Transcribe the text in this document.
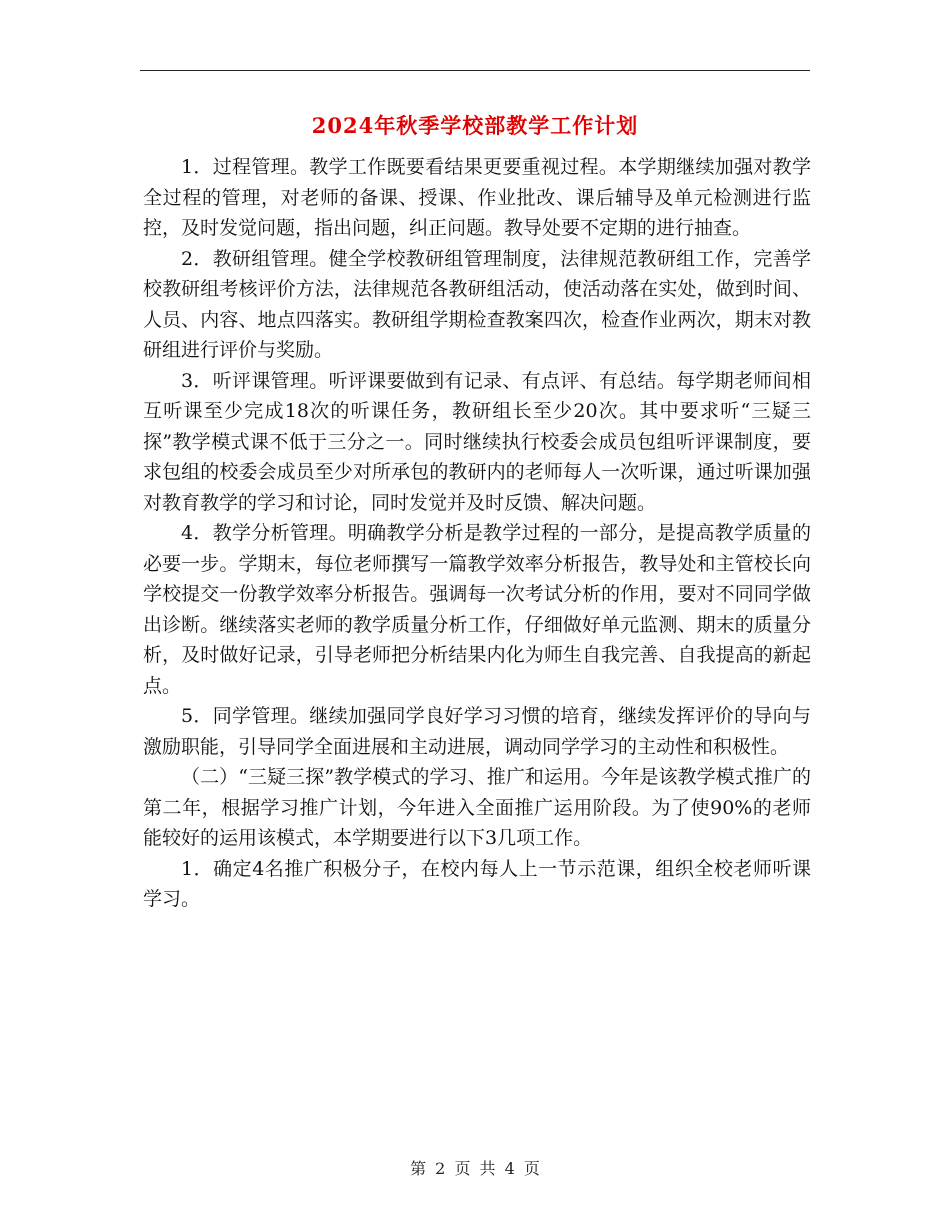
2024年秋季学校部教学工作计划

1．过程管理。教学工作既要看结果更要重视过程。本学期继续加强对教学全过程的管理，对老师的备课、授课、作业批改、课后辅导及单元检测进行监控，及时发觉问题，指出问题，纠正问题。教导处要不定期的进行抽查。

2．教研组管理。健全学校教研组管理制度，法律规范教研组工作，完善学校教研组考核评价方法，法律规范各教研组活动，使活动落在实处，做到时间、人员、内容、地点四落实。教研组学期检查教案四次，检查作业两次，期末对教研组进行评价与奖励。

3．听评课管理。听评课要做到有记录、有点评、有总结。每学期老师间相互听课至少完成18次的听课任务，教研组长至少20次。其中要求听“三疑三探”教学模式课不低于三分之一。同时继续执行校委会成员包组听评课制度，要求包组的校委会成员至少对所承包的教研内的老师每人一次听课，通过听课加强对教育教学的学习和讨论，同时发觉并及时反馈、解决问题。

4．教学分析管理。明确教学分析是教学过程的一部分，是提高教学质量的必要一步。学期末，每位老师撰写一篇教学效率分析报告，教导处和主管校长向学校提交一份教学效率分析报告。强调每一次考试分析的作用，要对不同同学做出诊断。继续落实老师的教学质量分析工作，仔细做好单元监测、期末的质量分析，及时做好记录，引导老师把分析结果内化为师生自我完善、自我提高的新起点。

5．同学管理。继续加强同学良好学习习惯的培育，继续发挥评价的导向与激励职能，引导同学全面进展和主动进展，调动同学学习的主动性和积极性。

（二）“三疑三探”教学模式的学习、推广和运用。今年是该教学模式推广的第二年，根据学习推广计划，今年进入全面推广运用阶段。为了使90%的老师能较好的运用该模式，本学期要进行以下3几项工作。

1．确定4名推广积极分子，在校内每人上一节示范课，组织全校老师听课学习。

第 2 页 共 4 页
